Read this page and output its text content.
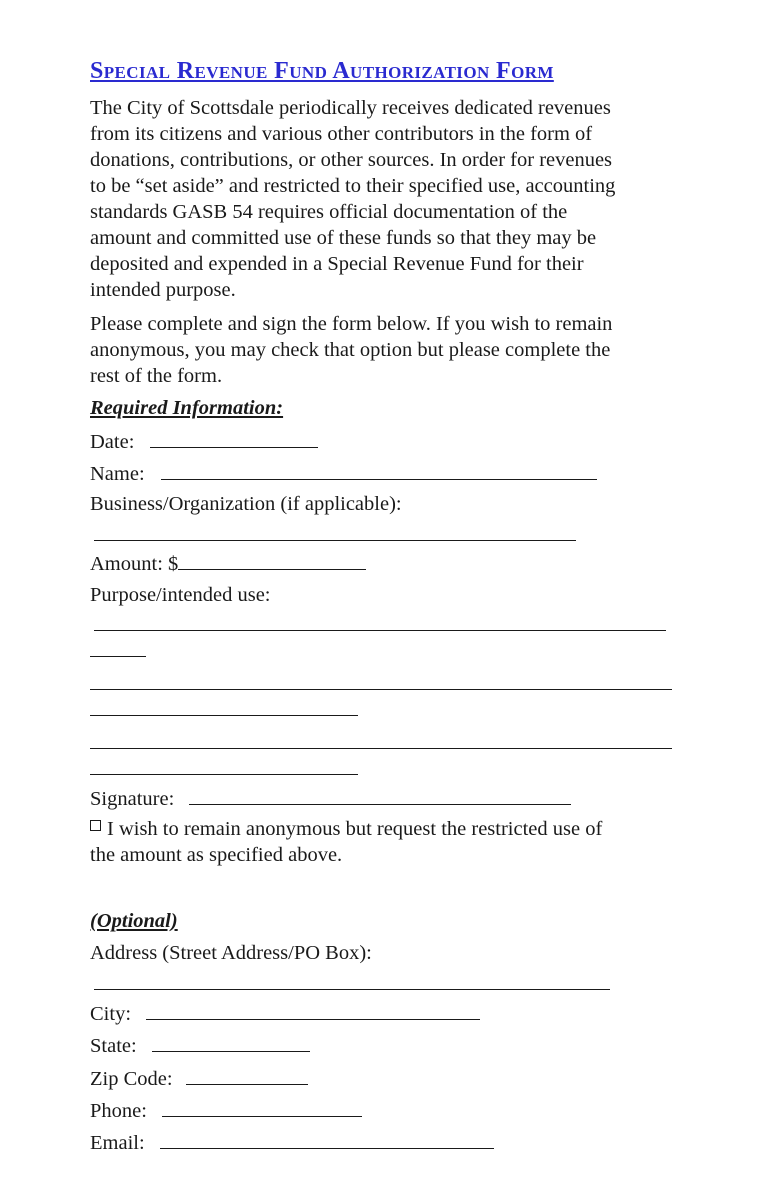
Special Revenue Fund Authorization Form
The City of Scottsdale periodically receives dedicated revenues
from its citizens and various other contributors in the form of
donations, contributions, or other sources. In order for revenues
to be “set aside” and restricted to their specified use, accounting
standards GASB 54 requires official documentation of the
amount and committed use of these funds so that they may be
deposited and expended in a Special Revenue Fund for their
intended purpose.
Please complete and sign the form below. If you wish to remain
anonymous, you may check that option but please complete the
rest of the form.
Required Information:
Date:
Name:
Business/Organization (if applicable):
Amount: $
Purpose/intended use:
Signature:
I wish to remain anonymous but request the restricted use of
the amount as specified above.
(Optional)
Address (Street Address/PO Box):
City:
State:
Zip Code:
Phone:
Email:
